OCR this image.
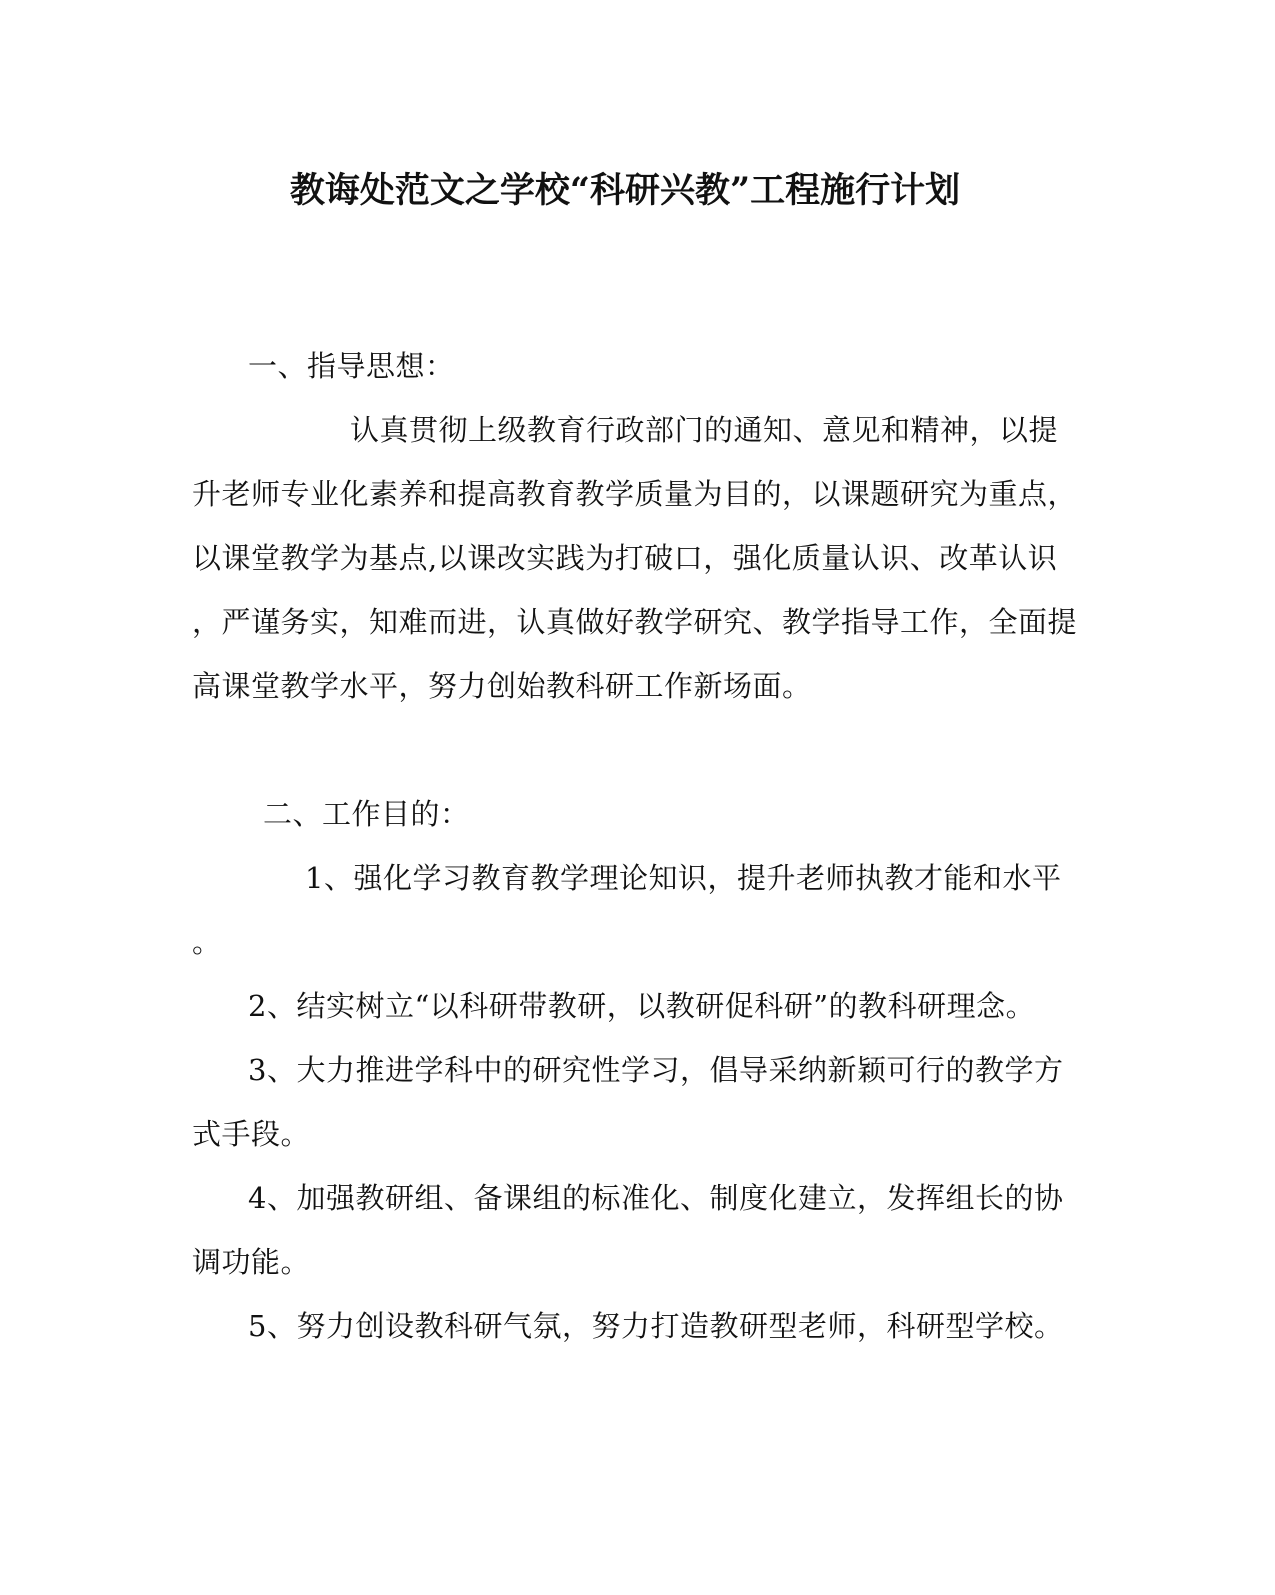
教诲处范文之学校“科研兴教”工程施行计划
一、指导思想：
认真贯彻上级教育行政部门的通知、意见和精神，以提
升老师专业化素养和提高教育教学质量为目的，以课题研究为重点，
以课堂教学为基点,以课改实践为打破口，强化质量认识、改革认识
，严谨务实，知难而进，认真做好教学研究、教学指导工作，全面提
高课堂教学水平，努力创始教科研工作新场面。
二、工作目的：
1、强化学习教育教学理论知识，提升老师执教才能和水平
。
2、结实树立“以科研带教研，以教研促科研”的教科研理念。
3、大力推进学科中的研究性学习，倡导采纳新颖可行的教学方
式手段。
4、加强教研组、备课组的标准化、制度化建立，发挥组长的协
调功能。
5、努力创设教科研气氛，努力打造教研型老师，科研型学校。
